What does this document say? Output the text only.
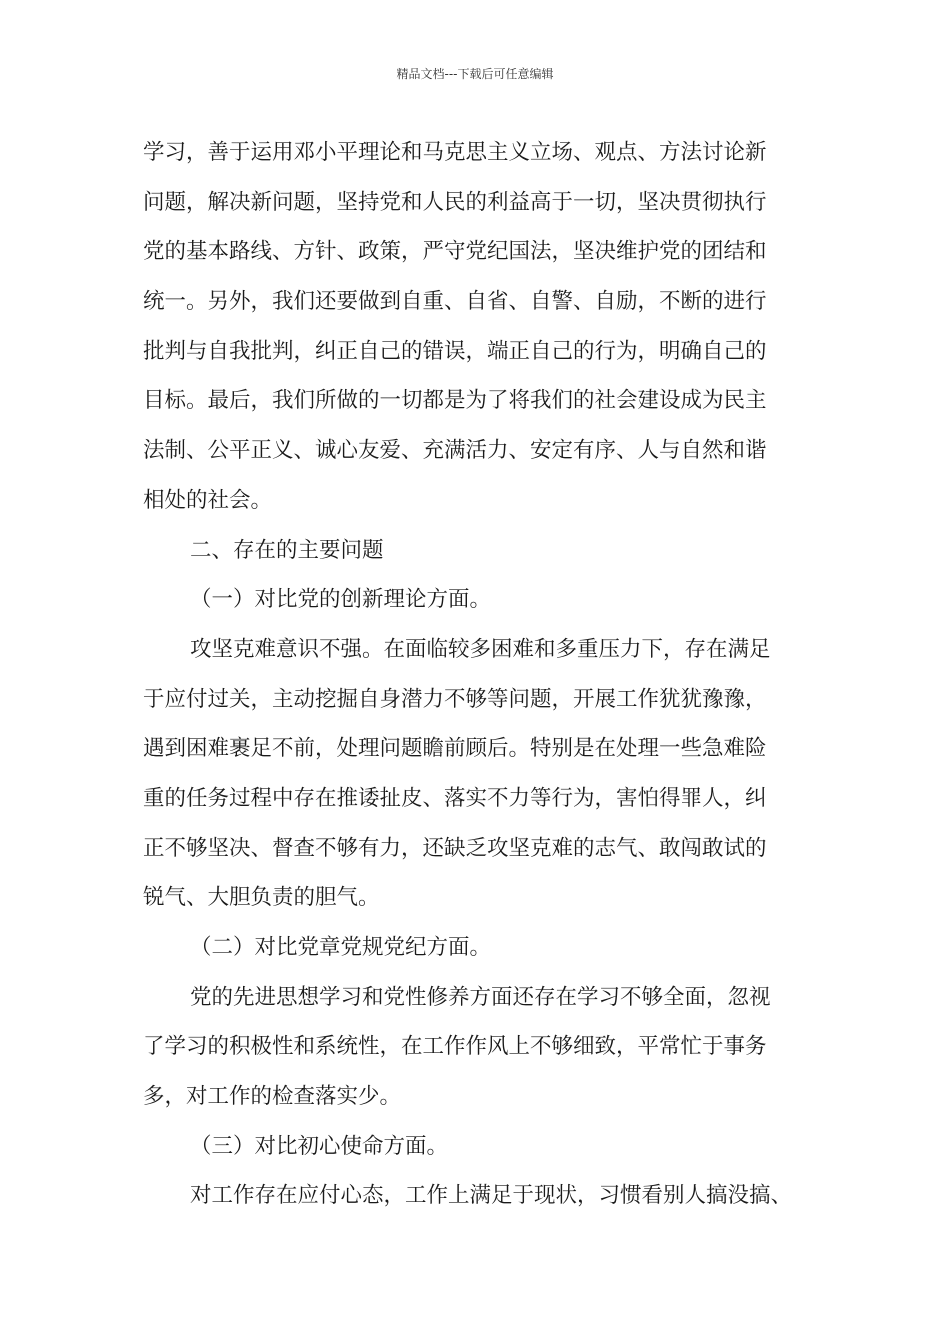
精品文档---下载后可任意编辑
学习，善于运用邓小平理论和马克思主义立场、观点、方法讨论新
问题，解决新问题，坚持党和人民的利益高于一切，坚决贯彻执行
党的基本路线、方针、政策，严守党纪国法，坚决维护党的团结和
统一。另外，我们还要做到自重、自省、自警、自励，不断的进行
批判与自我批判，纠正自己的错误，端正自己的行为，明确自己的
目标。最后，我们所做的一切都是为了将我们的社会建设成为民主
法制、公平正义、诚心友爱、充满活力、安定有序、人与自然和谐
相处的社会。
二、存在的主要问题
（一）对比党的创新理论方面。
攻坚克难意识不强。在面临较多困难和多重压力下，存在满足
于应付过关，主动挖掘自身潜力不够等问题，开展工作犹犹豫豫，
遇到困难裹足不前，处理问题瞻前顾后。特别是在处理一些急难险
重的任务过程中存在推诿扯皮、落实不力等行为，害怕得罪人，纠
正不够坚决、督查不够有力，还缺乏攻坚克难的志气、敢闯敢试的
锐气、大胆负责的胆气。
（二）对比党章党规党纪方面。
党的先进思想学习和党性修养方面还存在学习不够全面，忽视
了学习的积极性和系统性，在工作作风上不够细致，平常忙于事务
多，对工作的检查落实少。
（三）对比初心使命方面。
对工作存在应付心态，工作上满足于现状，习惯看别人搞没搞、
